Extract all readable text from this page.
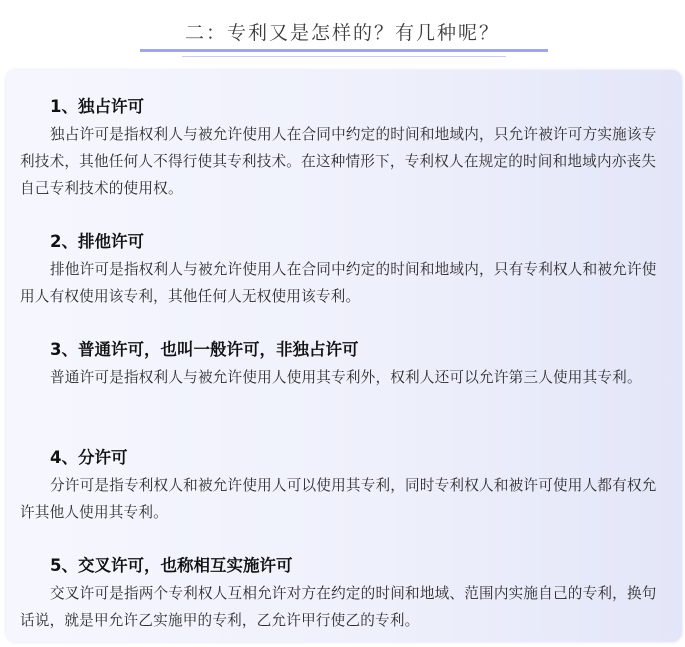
二：专利又是怎样的？有几种呢？
1、独占许可
独占许可是指权利人与被允许使用人在合同中约定的时间和地域内，只允许被许可方实施该专利技术，其他任何人不得行使其专利技术。在这种情形下，专利权人在规定的时间和地域内亦丧失自己专利技术的使用权。
2、排他许可
排他许可是指权利人与被允许使用人在合同中约定的时间和地域内，只有专利权人和被允许使用人有权使用该专利，其他任何人无权使用该专利。
3、普通许可，也叫一般许可，非独占许可
普通许可是指权利人与被允许使用人使用其专利外，权利人还可以允许第三人使用其专利。
4、分许可
分许可是指专利权人和被允许使用人可以使用其专利，同时专利权人和被许可使用人都有权允许其他人使用其专利。
5、交叉许可，也称相互实施许可
交叉许可是指两个专利权人互相允许对方在约定的时间和地域、范围内实施自己的专利，换句话说，就是甲允许乙实施甲的专利，乙允许甲行使乙的专利。
